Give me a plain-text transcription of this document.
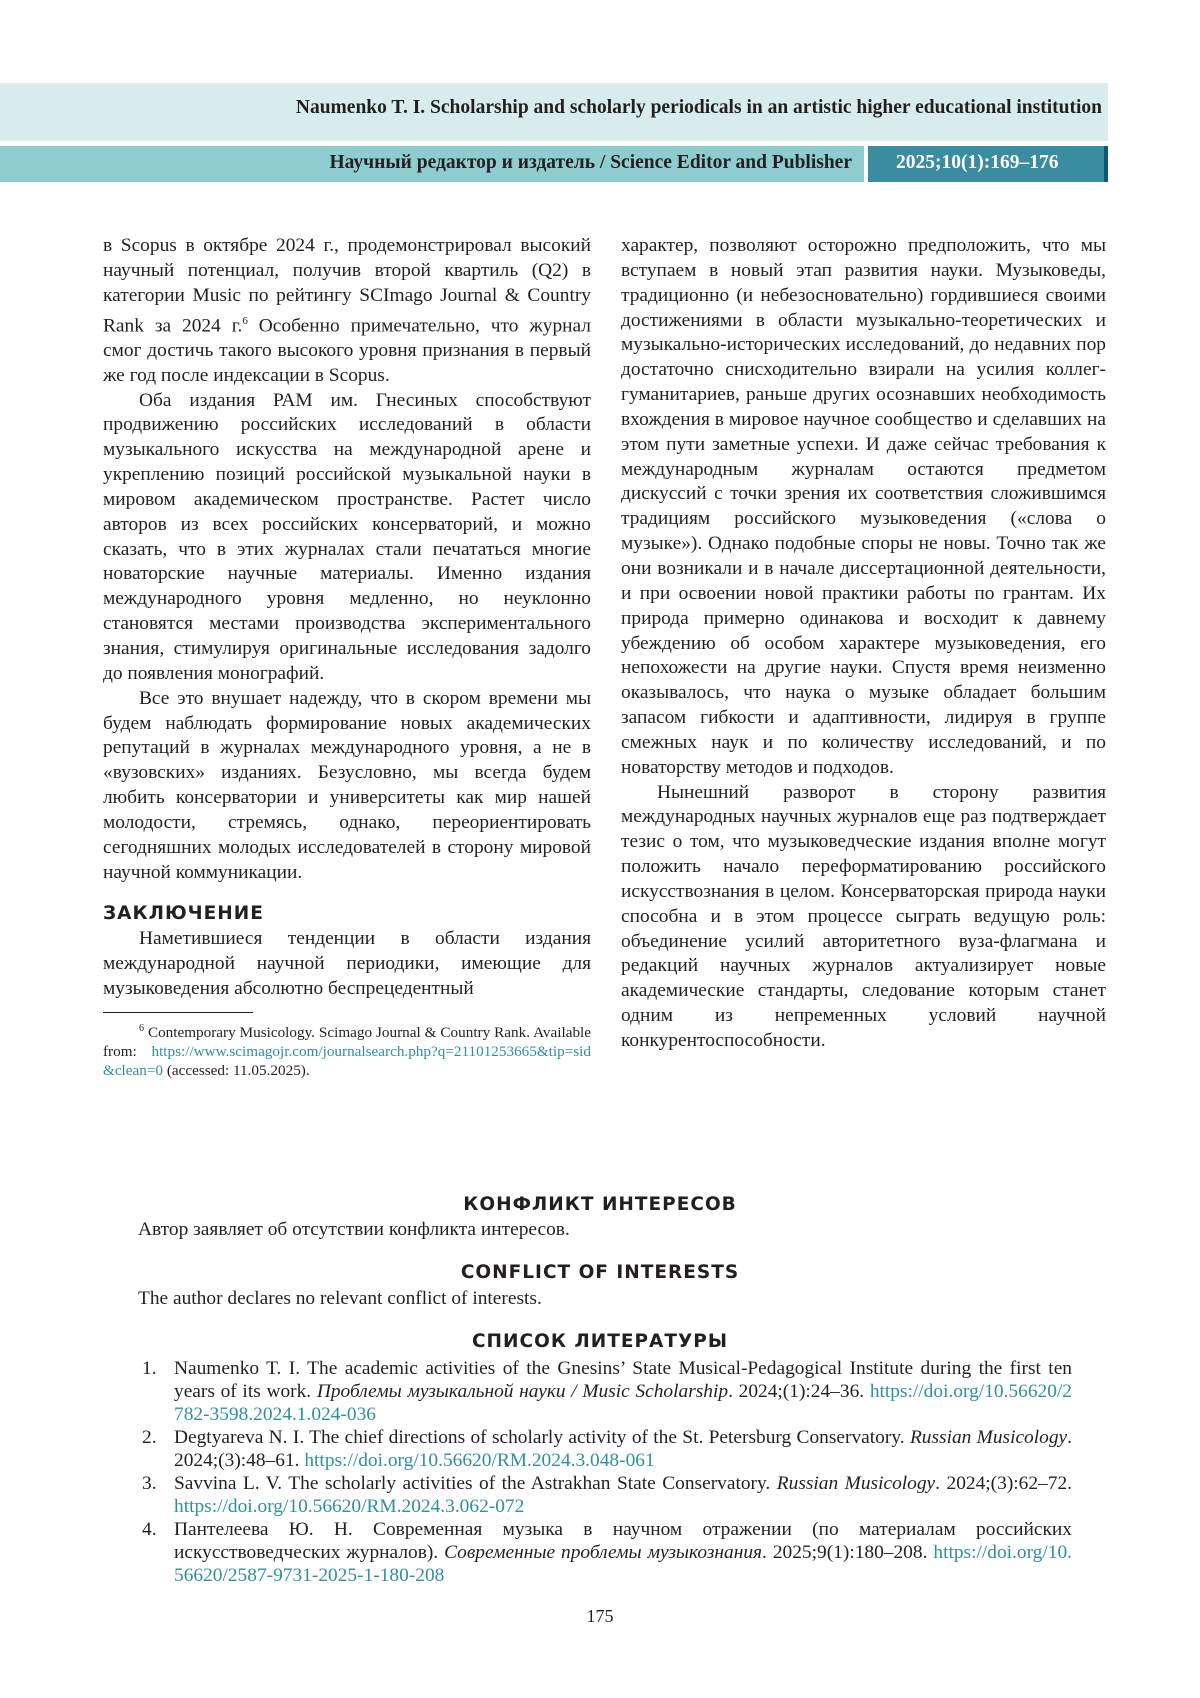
Naumenko T. I. Scholarship and scholarly periodicals in an artistic higher educational institution
Научный редактор и издатель / Science Editor and Publisher 2025;10(1):169–176

в Scopus в октябре 2024 г., продемонстрировал высокий научный потенциал, получив второй квартиль (Q2) в категории Music по рейтингу SCImago Journal & Country Rank за 2024 г.6 Особенно примечательно, что журнал смог достичь такого высокого уровня признания в первый же год после индексации в Scopus.

Оба издания РАМ им. Гнесиных способствуют продвижению российских исследований в области музыкального искусства на международной арене и укреплению позиций российской музыкальной науки в мировом академическом пространстве. Растет число авторов из всех российских консерваторий, и можно сказать, что в этих журналах стали печататься многие новаторские научные материалы. Именно издания международного уровня медленно, но неуклонно становятся местами производства экспериментального знания, стимулируя оригинальные исследования задолго до появления монографий.

Все это внушает надежду, что в скором времени мы будем наблюдать формирование новых академических репутаций в журналах международного уровня, а не в «вузовских» изданиях. Безусловно, мы всегда будем любить консерватории и университеты как мир нашей молодости, стремясь, однако, переориентировать сегодняшних молодых исследователей в сторону мировой научной коммуникации.

ЗАКЛЮЧЕНИЕ

Наметившиеся тенденции в области издания международной научной периодики, имеющие для музыковедения абсолютно беспрецедентный

6 Contemporary Musicology. Scimago Journal & Country Rank. Available from: https://www.scimagojr.com/journalsearch.php?q=21101253665&tip=sid&clean=0 (accessed: 11.05.2025).

характер, позволяют осторожно предположить, что мы вступаем в новый этап развития науки. Музыковеды, традиционно (и небезосновательно) гордившиеся своими достижениями в области музыкально-теоретических и музыкально-исторических исследований, до недавних пор достаточно снисходительно взирали на усилия коллег-гуманитариев, раньше других осознавших необходимость вхождения в мировое научное сообщество и сделавших на этом пути заметные успехи. И даже сейчас требования к международным журналам остаются предметом дискуссий с точки зрения их соответствия сложившимся традициям российского музыковедения («слова о музыке»). Однако подобные споры не новы. Точно так же они возникали и в начале диссертационной деятельности, и при освоении новой практики работы по грантам. Их природа примерно одинакова и восходит к давнему убеждению об особом характере музыковедения, его непохожести на другие науки. Спустя время неизменно оказывалось, что наука о музыке обладает большим запасом гибкости и адаптивности, лидируя в группе смежных наук и по количеству исследований, и по новаторству методов и подходов.

Нынешний разворот в сторону развития международных научных журналов еще раз подтверждает тезис о том, что музыковедческие издания вполне могут положить начало переформатированию российского искусствознания в целом. Консерваторская природа науки способна и в этом процессе сыграть ведущую роль: объединение усилий авторитетного вуза-флагмана и редакций научных журналов актуализирует новые академические стандарты, следование которым станет одним из непременных условий научной конкурентоспособности.

КОНФЛИКТ ИНТЕРЕСОВ
Автор заявляет об отсутствии конфликта интересов.
CONFLICT OF INTERESTS
The author declares no relevant conflict of interests.
СПИСОК ЛИТЕРАТУРЫ
1. Naumenko T. I. The academic activities of the Gnesins’ State Musical-Pedagogical Institute during the first ten years of its work. Проблемы музыкальной науки / Music Scholarship. 2024;(1):24–36. https://doi.org/10.56620/2782-3598.2024.1.024-036
2. Degtyareva N. I. The chief directions of scholarly activity of the St. Petersburg Conservatory. Russian Musicology. 2024;(3):48–61. https://doi.org/10.56620/RM.2024.3.048-061
3. Savvina L. V. The scholarly activities of the Astrakhan State Conservatory. Russian Musicology. 2024;(3):62–72. https://doi.org/10.56620/RM.2024.3.062-072
4. Пантелеева Ю. Н. Современная музыка в научном отражении (по материалам российских искусствоведческих журналов). Современные проблемы музыкознания. 2025;9(1):180–208. https://doi.org/10.56620/2587-9731-2025-1-180-208
175
